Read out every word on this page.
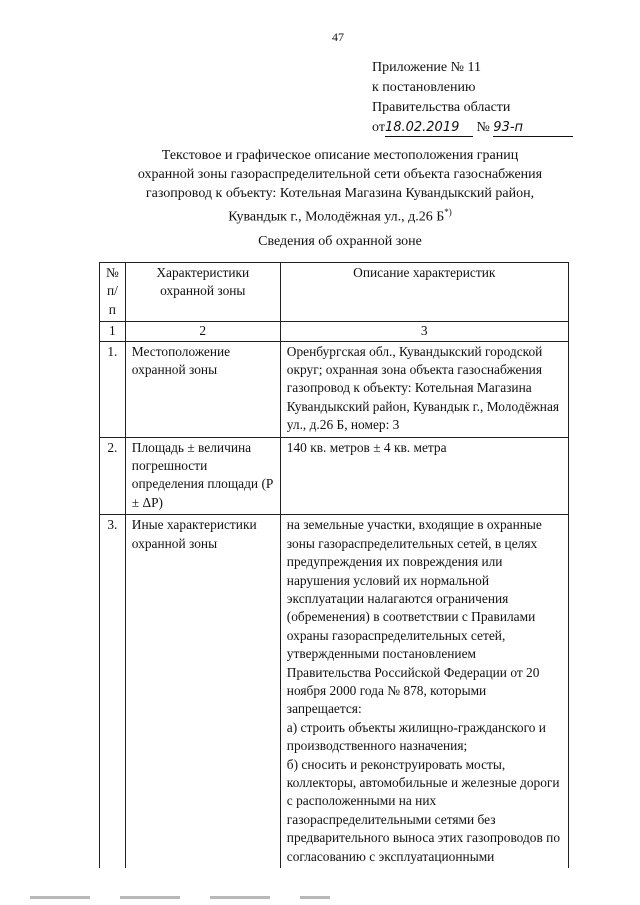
47
Приложение № 11
к постановлению
Правительства области
от18.02.2019 № 93-п
Текстовое и графическое описание местоположения границ
охранной зоны газораспределительной сети объекта газоснабжения
газопровод к объекту: Котельная Магазина Кувандыкский район,
Кувандык г., Молодёжная ул., д.26 Б*)
Сведения об охранной зоне
№ п/п	Характеристики охранной зоны	Описание характеристик
1	2	3
1.	Местоположение охранной зоны	Оренбургская обл., Кувандыкский городской округ; охранная зона объекта газоснабжения газопровод к объекту: Котельная Магазина Кувандыкский район, Кувандык г., Молодёжная ул., д.26 Б, номер: 3
2.	Площадь ± величина погрешности определения площади (P ± ΔP)	140 кв. метров ± 4 кв. метра
3.	Иные характеристики охранной зоны	на земельные участки, входящие в охранные зоны газораспределительных сетей, в целях предупреждения их повреждения или нарушения условий их нормальной эксплуатации налагаются ограничения (обременения) в соответствии с Правилами охраны газораспределительных сетей, утвержденными постановлением Правительства Российской Федерации от 20 ноября 2000 года № 878, которыми запрещается:
а) строить объекты жилищно-гражданского и производственного назначения;
б) сносить и реконструировать мосты, коллекторы, автомобильные и железные дороги с расположенными на них газораспределительными сетями без предварительного выноса этих газопроводов по согласованию с эксплуатационными
